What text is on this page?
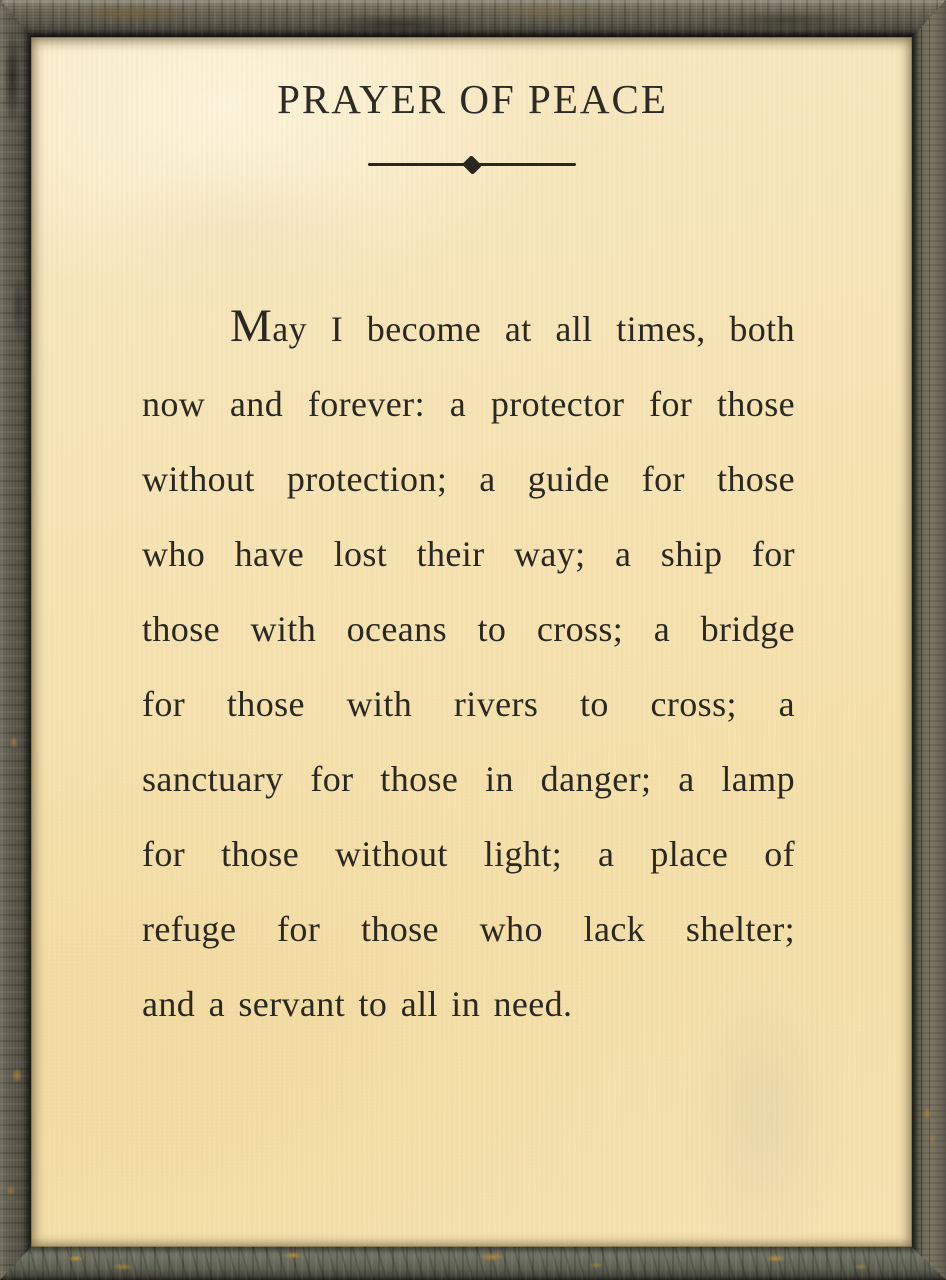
PRAYER OF PEACE
May I become at all times, both
now and forever: a protector for those
without protection; a guide for those
who have lost their way; a ship for
those with oceans to cross; a bridge
for those with rivers to cross; a
sanctuary for those in danger; a lamp
for those without light; a place of
refuge for those who lack shelter;
and a servant to all in need.
